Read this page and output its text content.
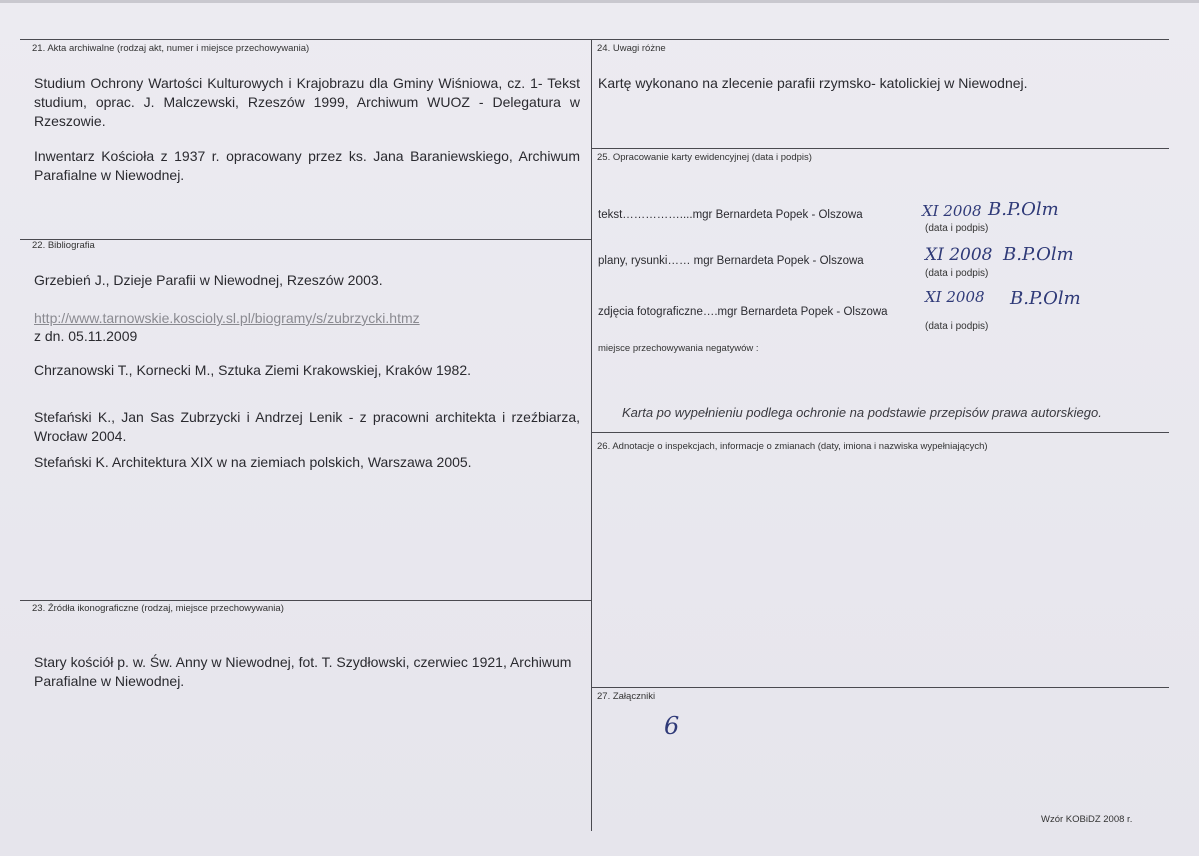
21. Akta archiwalne (rodzaj akt, numer i miejsce przechowywania)
Studium Ochrony Wartości Kulturowych i Krajobrazu dla Gminy Wiśniowa, cz. 1- Tekst studium, oprac. J. Malczewski, Rzeszów 1999, Archiwum WUOZ - Delegatura w Rzeszowie.
Inwentarz Kościoła z 1937 r. opracowany przez ks. Jana Baraniewskiego, Archiwum Parafialne w Niewodnej.
22. Bibliografia
Grzebień J., Dzieje Parafii w Niewodnej, Rzeszów 2003.
http://www.tarnowskie.koscioly.sl.pl/biogramy/s/zubrzycki.htmz
z dn. 05.11.2009
Chrzanowski T., Kornecki M., Sztuka Ziemi Krakowskiej, Kraków 1982.
Stefański K., Jan Sas Zubrzycki i Andrzej Lenik - z pracowni architekta i rzeźbiarza, Wrocław 2004.
Stefański K. Architektura XIX w na ziemiach polskich, Warszawa 2005.
23. Źródła ikonograficzne (rodzaj, miejsce przechowywania)
Stary kościół p. w. Św. Anny w Niewodnej, fot. T. Szydłowski, czerwiec 1921, Archiwum Parafialne w Niewodnej.
24. Uwagi różne
Kartę wykonano na zlecenie parafii rzymsko- katolickiej w Niewodnej.
25. Opracowanie karty ewidencyjnej (data i podpis)
tekst……………....mgr Bernardeta Popek - Olszowa	XI 2008 B.P.Olm
(data i podpis)
plany, rysunki…… mgr Bernardeta Popek - Olszowa	XI 2008 B.P.Olm
(data i podpis)
zdjęcia fotograficzne….mgr Bernardeta Popek - Olszowa
XI 2008 B.P.Olm
(data i podpis)
miejsce przechowywania negatywów :
Karta po wypełnieniu podlega ochronie na podstawie przepisów prawa autorskiego.
26. Adnotacje o inspekcjach, informacje o zmianach (daty, imiona i nazwiska wypełniających)
27. Załączniki
6
Wzór KOBiDZ 2008 r.
